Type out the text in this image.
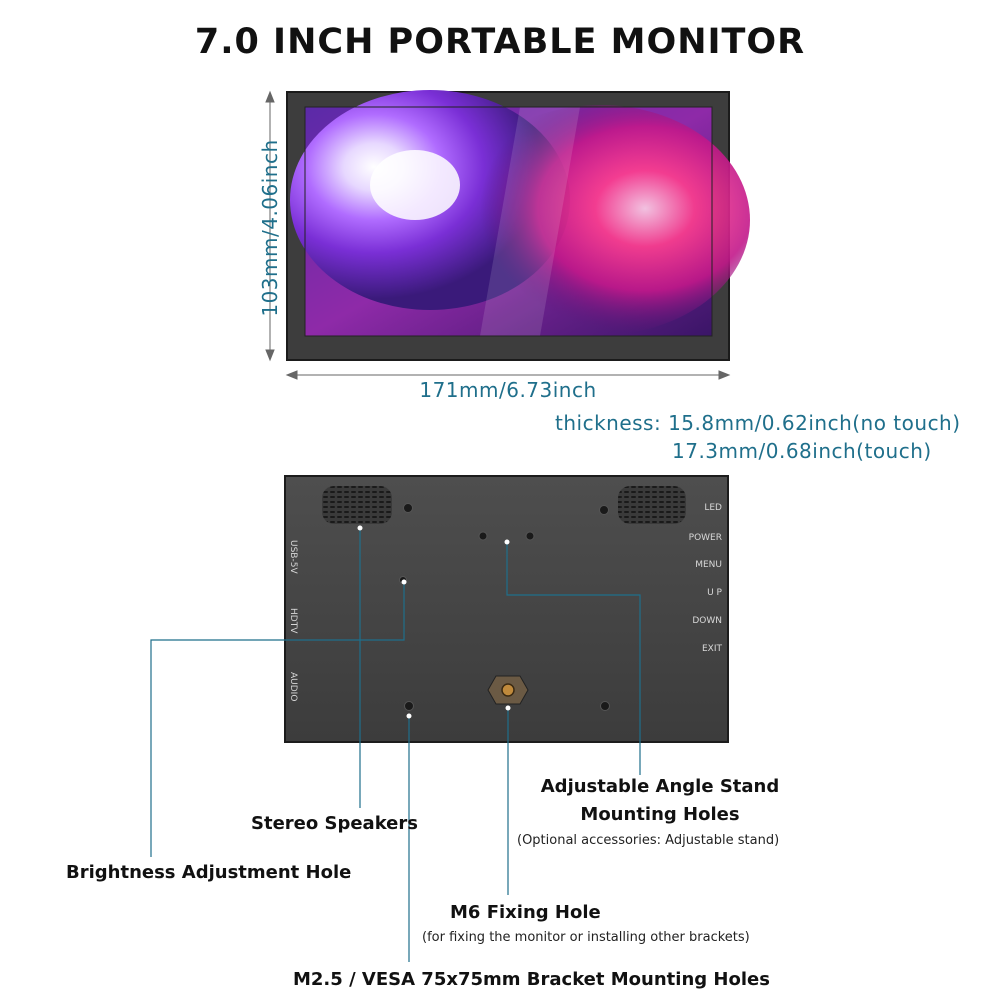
7.0 INCH PORTABLE MONITOR
USB-5V
HDTV
AUDIO
LED
POWER
MENU
U P
DOWN
EXIT
103mm/4.06inch
171mm/6.73inch
thickness: 15.8mm/0.62inch(no touch)
17.3mm/0.68inch(touch)
Adjustable Angle Stand
Mounting Holes
(Optional accessories: Adjustable stand)
Stereo Speakers
Brightness Adjustment Hole
M6 Fixing Hole
(for fixing the monitor or installing other brackets)
M2.5 / VESA 75x75mm Bracket Mounting Holes
